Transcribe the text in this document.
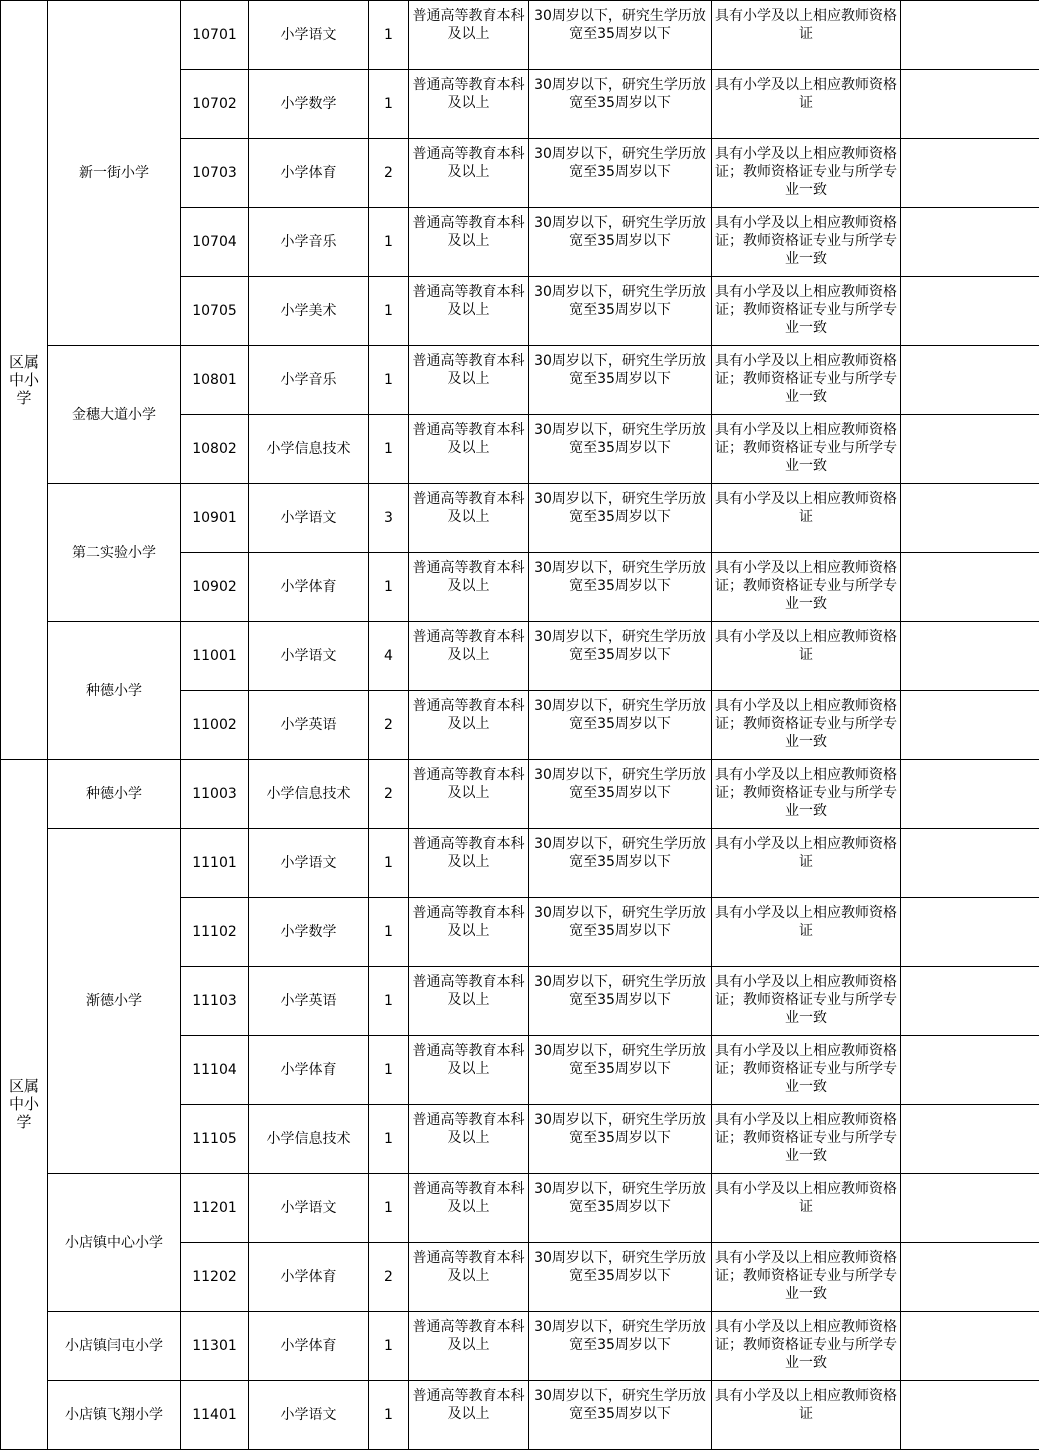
区属中小学	新一街小学	10701	小学语文	1	普通高等教育本科及以上	30周岁以下，研究生学历放宽至35周岁以下	具有小学及以上相应教师资格证	
		10702	小学数学	1	普通高等教育本科及以上	30周岁以下，研究生学历放宽至35周岁以下	具有小学及以上相应教师资格证	
		10703	小学体育	2	普通高等教育本科及以上	30周岁以下，研究生学历放宽至35周岁以下	具有小学及以上相应教师资格证；教师资格证专业与所学专业一致	
		10704	小学音乐	1	普通高等教育本科及以上	30周岁以下，研究生学历放宽至35周岁以下	具有小学及以上相应教师资格证；教师资格证专业与所学专业一致	
		10705	小学美术	1	普通高等教育本科及以上	30周岁以下，研究生学历放宽至35周岁以下	具有小学及以上相应教师资格证；教师资格证专业与所学专业一致	
	金穗大道小学	10801	小学音乐	1	普通高等教育本科及以上	30周岁以下，研究生学历放宽至35周岁以下	具有小学及以上相应教师资格证；教师资格证专业与所学专业一致	
		10802	小学信息技术	1	普通高等教育本科及以上	30周岁以下，研究生学历放宽至35周岁以下	具有小学及以上相应教师资格证；教师资格证专业与所学专业一致	
	第二实验小学	10901	小学语文	3	普通高等教育本科及以上	30周岁以下，研究生学历放宽至35周岁以下	具有小学及以上相应教师资格证	
		10902	小学体育	1	普通高等教育本科及以上	30周岁以下，研究生学历放宽至35周岁以下	具有小学及以上相应教师资格证；教师资格证专业与所学专业一致	
	种德小学	11001	小学语文	4	普通高等教育本科及以上	30周岁以下，研究生学历放宽至35周岁以下	具有小学及以上相应教师资格证	
		11002	小学英语	2	普通高等教育本科及以上	30周岁以下，研究生学历放宽至35周岁以下	具有小学及以上相应教师资格证；教师资格证专业与所学专业一致	
区属中小学	种德小学	11003	小学信息技术	2	普通高等教育本科及以上	30周岁以下，研究生学历放宽至35周岁以下	具有小学及以上相应教师资格证；教师资格证专业与所学专业一致	
	渐德小学	11101	小学语文	1	普通高等教育本科及以上	30周岁以下，研究生学历放宽至35周岁以下	具有小学及以上相应教师资格证	
		11102	小学数学	1	普通高等教育本科及以上	30周岁以下，研究生学历放宽至35周岁以下	具有小学及以上相应教师资格证	
		11103	小学英语	1	普通高等教育本科及以上	30周岁以下，研究生学历放宽至35周岁以下	具有小学及以上相应教师资格证；教师资格证专业与所学专业一致	
		11104	小学体育	1	普通高等教育本科及以上	30周岁以下，研究生学历放宽至35周岁以下	具有小学及以上相应教师资格证；教师资格证专业与所学专业一致	
		11105	小学信息技术	1	普通高等教育本科及以上	30周岁以下，研究生学历放宽至35周岁以下	具有小学及以上相应教师资格证；教师资格证专业与所学专业一致	
	小店镇中心小学	11201	小学语文	1	普通高等教育本科及以上	30周岁以下，研究生学历放宽至35周岁以下	具有小学及以上相应教师资格证	
		11202	小学体育	2	普通高等教育本科及以上	30周岁以下，研究生学历放宽至35周岁以下	具有小学及以上相应教师资格证；教师资格证专业与所学专业一致	
	小店镇闫屯小学	11301	小学体育	1	普通高等教育本科及以上	30周岁以下，研究生学历放宽至35周岁以下	具有小学及以上相应教师资格证；教师资格证专业与所学专业一致	
	小店镇飞翔小学	11401	小学语文	1	普通高等教育本科及以上	30周岁以下，研究生学历放宽至35周岁以下	具有小学及以上相应教师资格证	
